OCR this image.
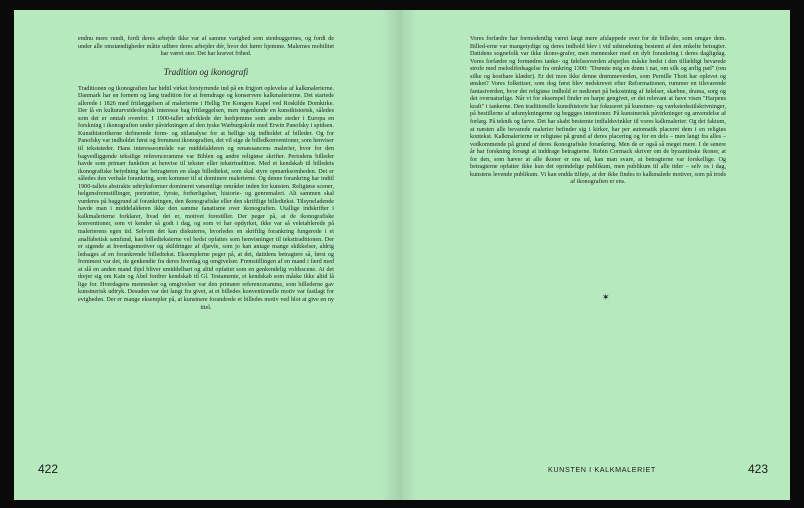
endnu mere rundt, fordi deres arbejde ikke var af samme varighed som stenhuggernes, og fordi de under alle omstændigheder måtte udføre deres arbejder dér, hvor det hører hjemme. Malernes mobilitet har været stor. Det har krævet frihed.

Tradition og ikonografi

Traditionen og ikonografien har hidtil virket forstyrrende ind på en frigjort oplevelse af kalkmalerierne. Danmark har en fornem og lang tradition for at fremdrage og konservere kalkmalerierne. Det startede allerede i 1826 med fritlæggelsen af malerierne i Hellig Tre Kongers Kapel ved Roskilde Domkirke. Der lå en kulturarvsideologisk interesse bag fritlæggelsen, men ingenlunde en kunsthistorisk, således som det er omtalt ovenfor. I 1900-tallet udviklede der herhjemme som andre steder i Europa en forskning i ikonografien under påvirkningen af den tyske Warburgskole med Erwin Panofsky i spidsen. Kunsthistorikerne definerede form- og stilanalyse for at hellige sig indholdet af billeder. Og for Panofsky var indholdet først og fremmest ikonografien, det vil sige de billedkonventioner, som henviser til tekststeder. Hans interesseområde var middelalderen og renæssancens malerier, hvor for den bagvedliggende tekstlige referenceramme var Biblen og andre religiøse skrifter. Periodens billeder havde som primær funktion at henvise til tekster eller tekstrtradition. Med et kendskab til billedets ikonografiske betydning har betragteren en slags billedtekst, som skal styre opmærksomheden. Det er således den verbale forankring, som kommer til at dominere malerierne. Og denne forankring har indtil 1900-tallets abstrakte udtryksformer domineret væsentlige områder inden for kunsten. Religiøse scener, helgensfremstillinger, portrætter, fyrste, forherligelser, historie- og genremaleri. Alt sammen skal vurderes på baggrund af forankringen, den ikonografiske eller den skriftlige billedtekst. Tilsyneladende havde man i middelalderen ikke den samme fanatisme over ikonografien. Utallige indskrifter i kalkmalerierne forklarer, hvad det er, motivet forestiller. Der peger på, at de ikonografiske konventioner, som vi kender så godt i dag, og som vi har opdyrket, ikke var så veletablerede på malerierens egen tid. Selvom det kan diskuteres, hvorledes en skriftlig forankring fungerede i et analfabetisk samfund, kan billedteksterne vel bedst opfattes som henvisninger til teksttraditionen. Der er sigende at hverdagsmotiver og skildringer af djævle, som jo kan antage mange skikkelser, aldrig ledsages af en forankrende billedtekst. Eksemplerne peger på, at det, datidens betragtere så, først og fremmest var det, de genkendte fra deres hverdag og omgivelser. Fremstillingen af en mand i færd med at slå en anden mand ihjel bliver umiddelbart og altid opfattet som en genkendelig voldsscene. At det drejer sig om Kain og Abel fordrer kendskab til Gl. Testamente, et kendskab som måske ikke altid lå lige for. Hverdagens mennesker og omgivelser var den primære referenceramme, som billederne gav kunstnerisk udtryk. Desuden var det langt fra givet, at et billedes konventionelle motiv var fastlagt for evigheden. Der er mange eksempler på, at kunstnere forandrede et billedes motiv ved blot at give en ny titel.

422

Vores forfædre har formodentlig været langt mere afslappede over for de billeder, som omgav dem. Billed-erne var mangetydige og deres indhold blev i vid udstrækning bestemt af den enkelte betragter. Datidens sognefolk var ikke ikono-grafer, men mennesker med en dyb forankring i deres dagligdag. Vores forfædre og formødres tanke- og følelsesverden afspejles måske bedst i den tilfældigt bevarede strofe med melodifedsagelse fra omkring 1300: "Drømte mig en drøm i nat, om silk og ærlig pæl" (om silke og kostbare klæder). Er det mon ikke denne drømmeverden, som Pernille Thott har oplevet og ønsket? Vores folketiser, som dog først blev nedskrevet efter Reformationen, rummer en tilsvarende fantasiverden, hvor det religiøse indhold er nedtonet på bekostning af følelser, skæbne, drama, sorg og det overnaturlige. Når vi for eksempel finder en harpe gengivet, er det relevant at have visen "Harpens kraft" i tankerne. Den traditionelle kunsthistorie har fokuseret på kunstner- og værkstedsstilskrivninger, på bestillerne af udsmykningerne og beggges intentioner. På kunstnerisk påvirkninger og anvendelse af forlæg. På teknik og farve. Det har skabt bestemte indfaldsvinkler til vores kalkmalerier. Og det faktum, at næsten alle bevarede malerier befinder sig i kirker, har per automatik placeret dem i en religiøs kontekst. Kalkmalerierne er religiøse på grund af deres placering og for en dels – men langt fra alles – vedkommende på grund af deres ikonografiske forankring. Men de er også så meget mere. I de senere år har forskning forsøgt at inddrage betragterne. Robin Cormack skriver om de byzantinske ikoner, at for den, som hæver at alle ikoner er ens ud, kan man svare, at betragterne var forskellige. Og betragterne opfatter ikke kun det oprindelige publikum, men publikum til alle tider – selv os i dag, kunstens levende publikum. Vi kan endda tilføje, at der ikke findes to kalkmalede motiver, som på trods af ikonografien er ens.

✶
KUNSTEN I KALKMALERIET	423
